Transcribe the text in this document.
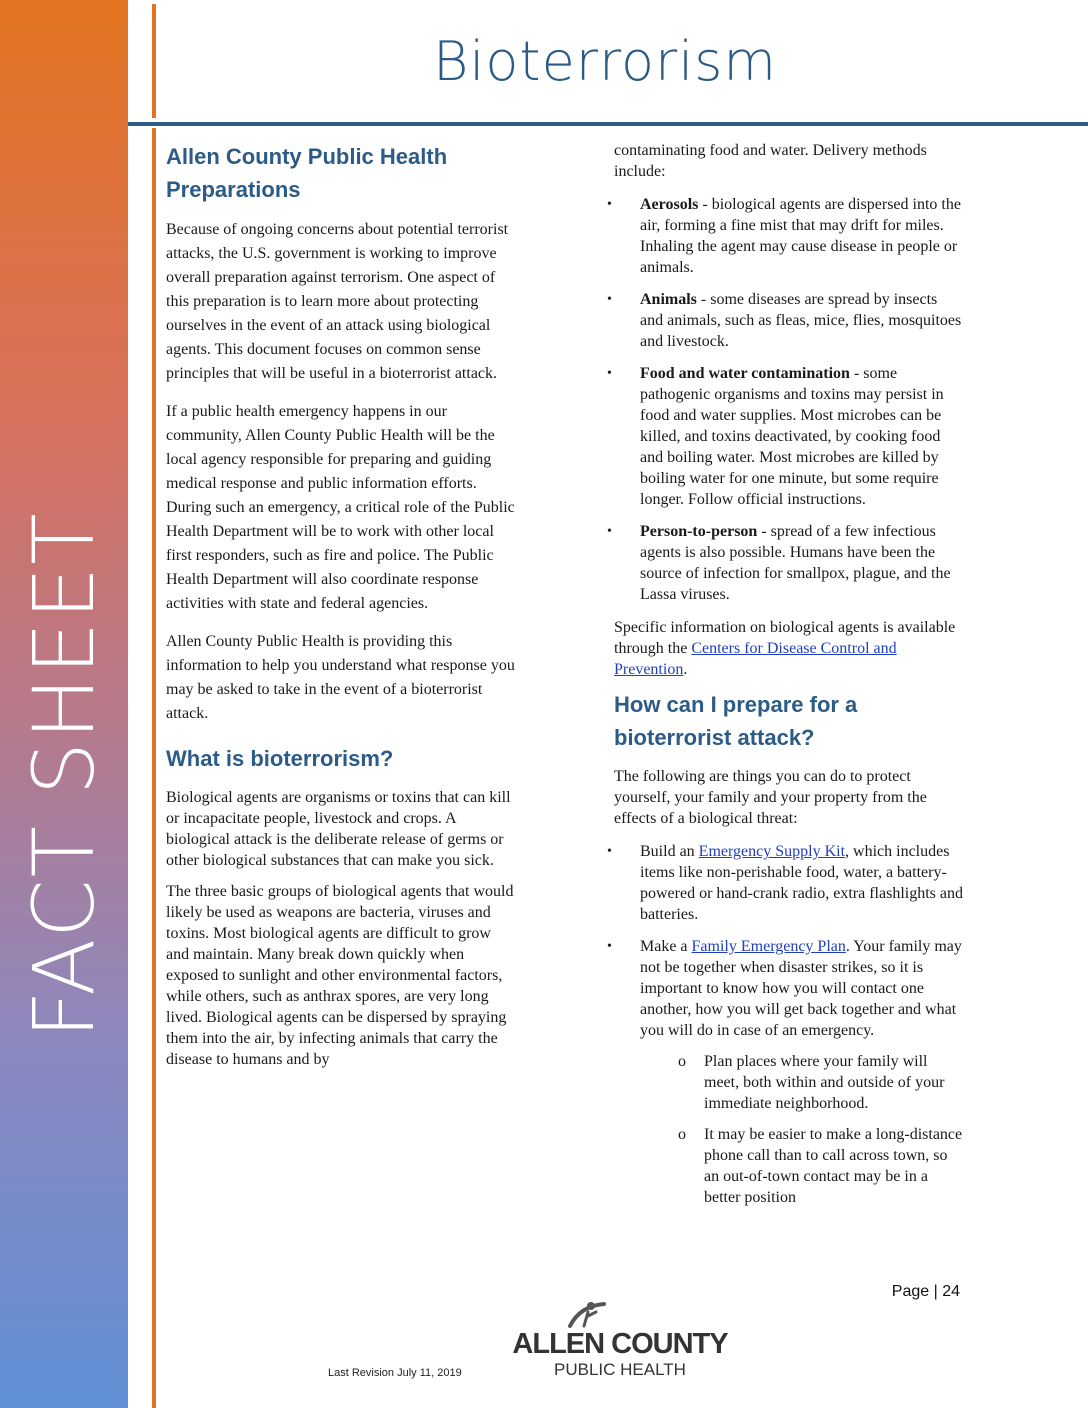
FACT SHEET
Bioterrorism
Allen County Public Health Preparations

Because of ongoing concerns about potential terrorist attacks, the U.S. government is working to improve overall preparation against terrorism. One aspect of this preparation is to learn more about protecting ourselves in the event of an attack using biological agents. This document focuses on common sense principles that will be useful in a bioterrorist attack.

If a public health emergency happens in our community, Allen County Public Health will be the local agency responsible for preparing and guiding medical response and public information efforts. During such an emergency, a critical role of the Public Health Department will be to work with other local first responders, such as fire and police. The Public Health Department will also coordinate response activities with state and federal agencies.

Allen County Public Health is providing this information to help you understand what response you may be asked to take in the event of a bioterrorist attack.

What is bioterrorism?

Biological agents are organisms or toxins that can kill or incapacitate people, livestock and crops. A biological attack is the deliberate release of germs or other biological substances that can make you sick.

The three basic groups of biological agents that would likely be used as weapons are bacteria, viruses and toxins. Most biological agents are difficult to grow and maintain. Many break down quickly when exposed to sunlight and other environmental factors, while others, such as anthrax spores, are very long lived. Biological agents can be dispersed by spraying them into the air, by infecting animals that carry the disease to humans and by

contaminating food and water. Delivery methods include:

• Aerosols - biological agents are dispersed into the air, forming a fine mist that may drift for miles. Inhaling the agent may cause disease in people or animals.
• Animals - some diseases are spread by insects and animals, such as fleas, mice, flies, mosquitoes and livestock.
• Food and water contamination - some pathogenic organisms and toxins may persist in food and water supplies. Most microbes can be killed, and toxins deactivated, by cooking food and boiling water. Most microbes are killed by boiling water for one minute, but some require longer. Follow official instructions.
• Person-to-person - spread of a few infectious agents is also possible. Humans have been the source of infection for smallpox, plague, and the Lassa viruses.

Specific information on biological agents is available through the Centers for Disease Control and Prevention.

How can I prepare for a bioterrorist attack?

The following are things you can do to protect yourself, your family and your property from the effects of a biological threat:

• Build an Emergency Supply Kit, which includes items like non-perishable food, water, a battery-powered or hand-crank radio, extra flashlights and batteries.
• Make a Family Emergency Plan. Your family may not be together when disaster strikes, so it is important to know how you will contact one another, how you will get back together and what you will do in case of an emergency.
o Plan places where your family will meet, both within and outside of your immediate neighborhood.
o It may be easier to make a long-distance phone call than to call across town, so an out-of-town contact may be in a better position
Page | 24
ALLEN COUNTY
PUBLIC HEALTH
Last Revision July 11, 2019
